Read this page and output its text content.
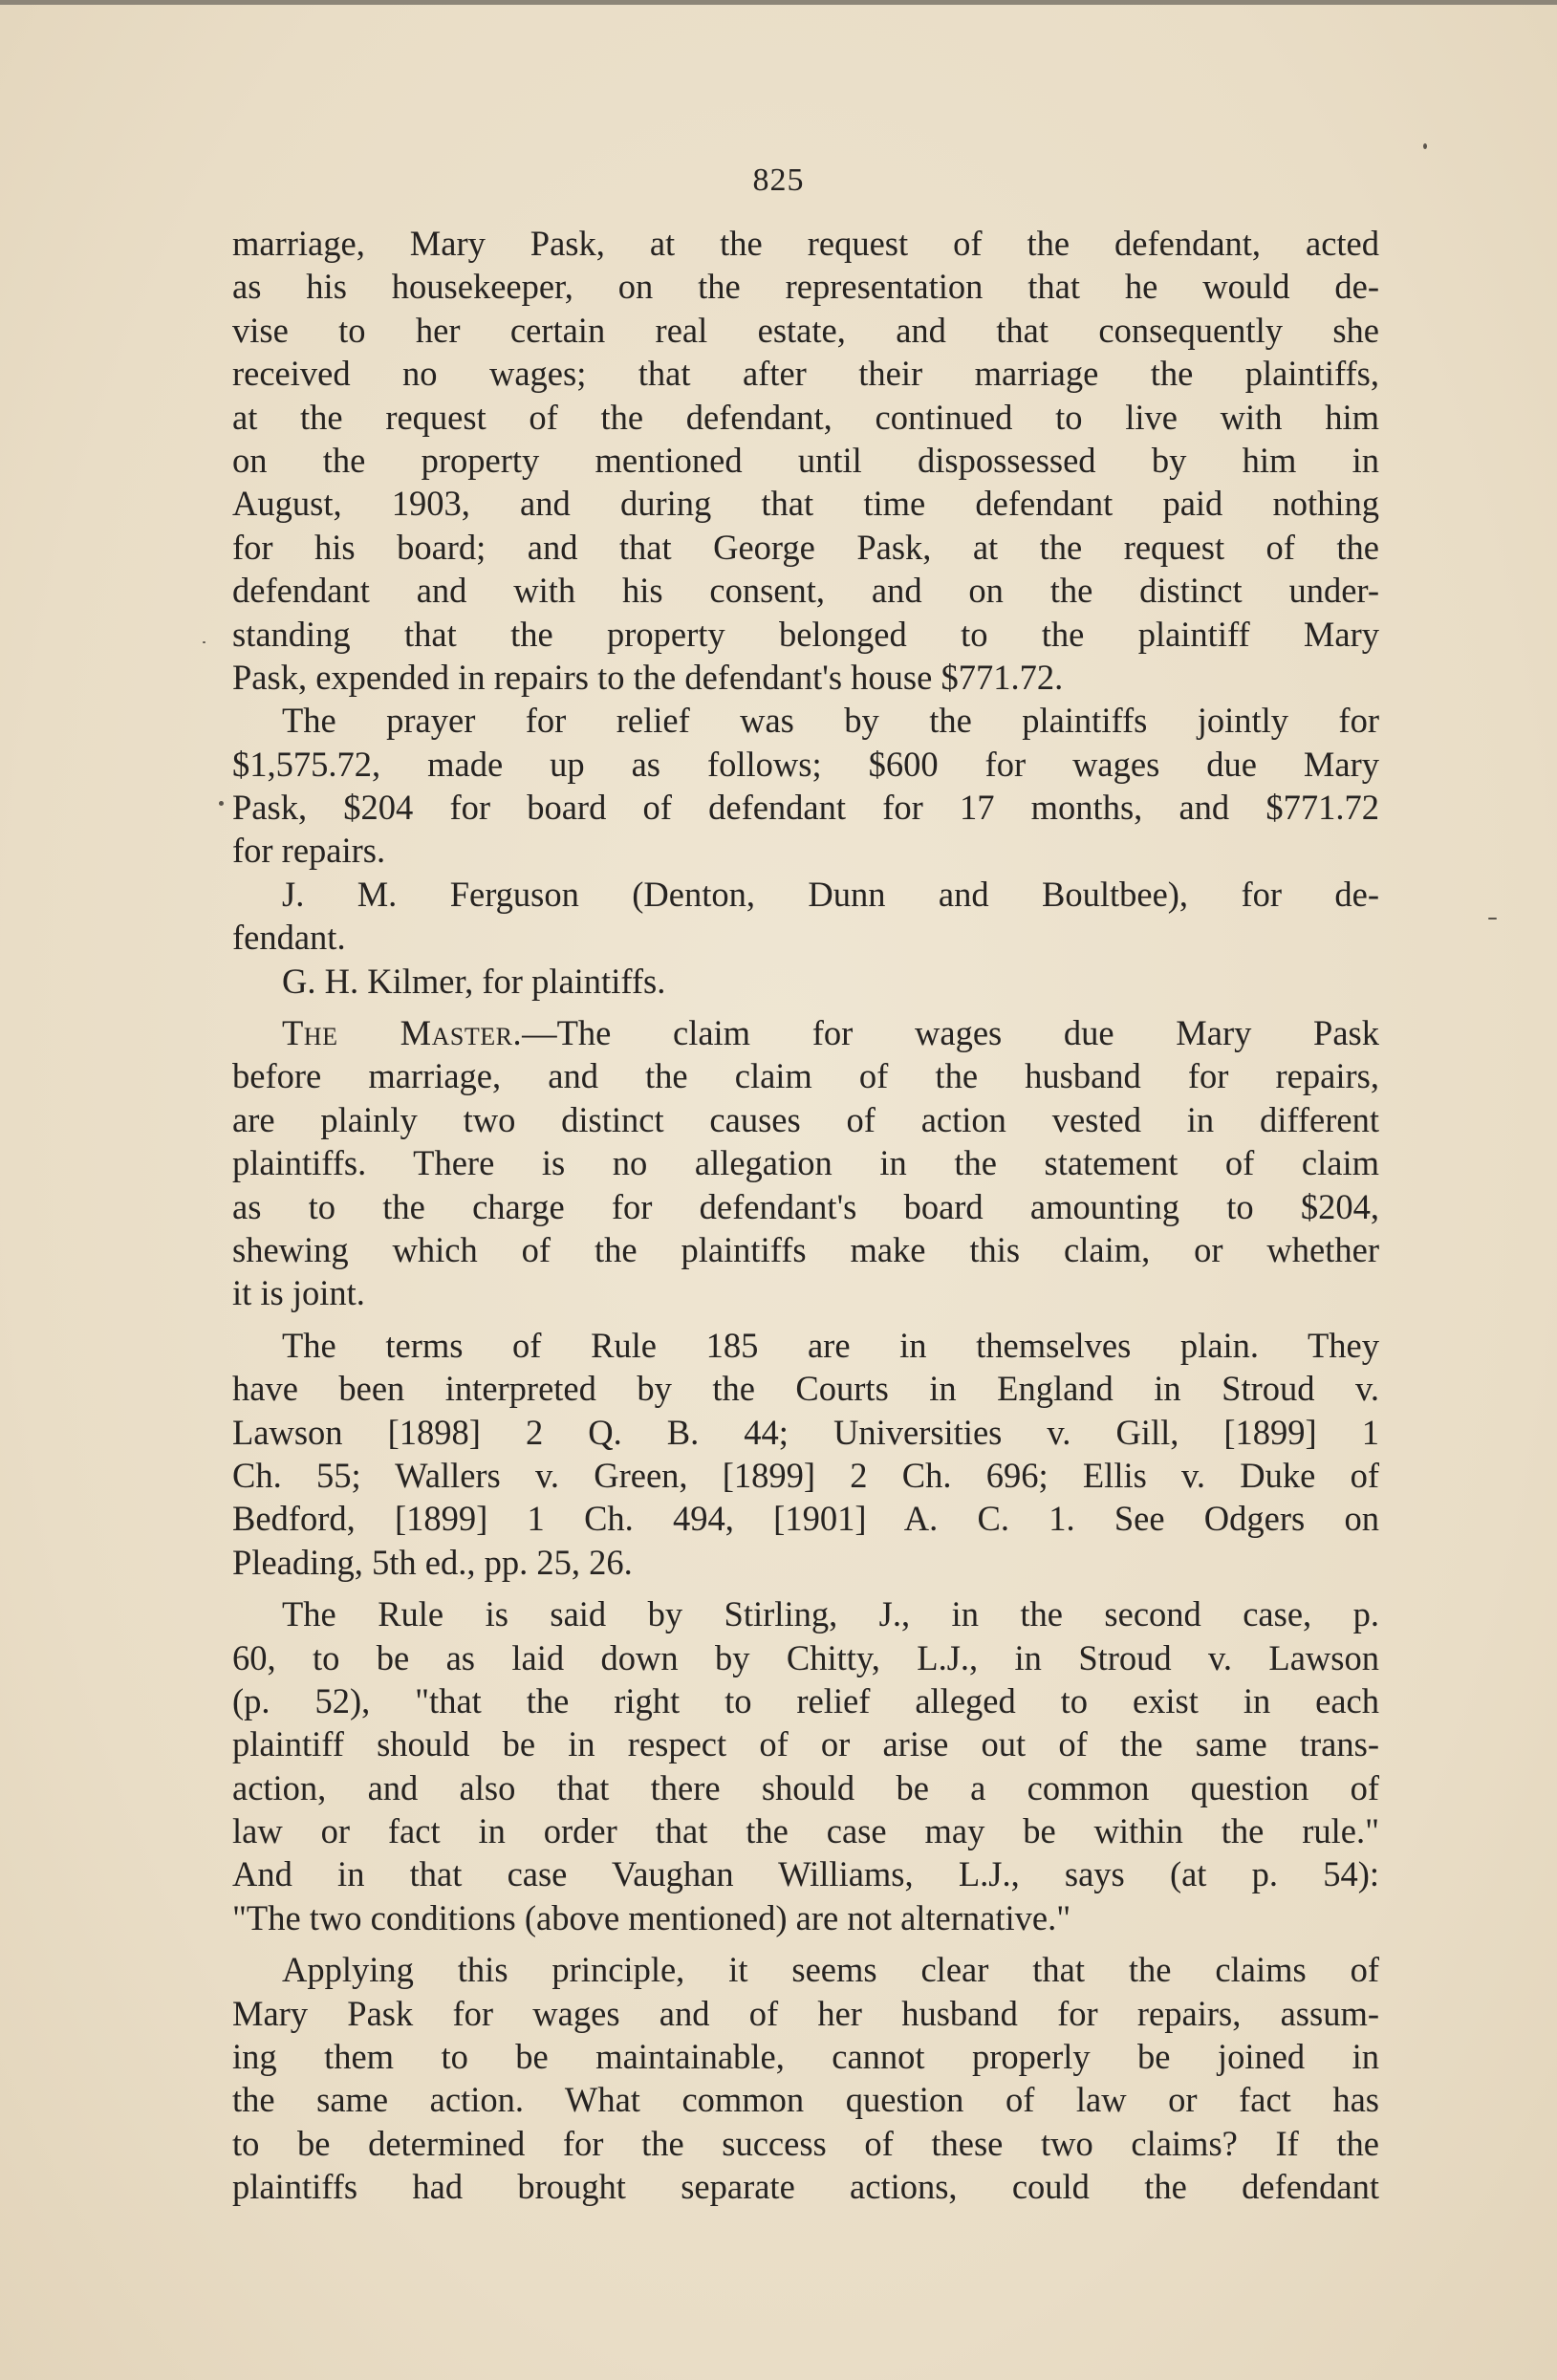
825
marriage, Mary Pask, at the request of the defendant, acted
as his housekeeper, on the representation that he would de-
vise to her certain real estate, and that consequently she
received no wages; that after their marriage the plaintiffs,
at the request of the defendant, continued to live with him
on the property mentioned until dispossessed by him in
August, 1903, and during that time defendant paid nothing
for his board; and that George Pask, at the request of the
defendant and with his consent, and on the distinct under-
standing that the property belonged to the plaintiff Mary
Pask, expended in repairs to the defendant's house $771.72.
The prayer for relief was by the plaintiffs jointly for
$1,575.72, made up as follows; $600 for wages due Mary
Pask, $204 for board of defendant for 17 months, and $771.72
for repairs.
J. M. Ferguson (Denton, Dunn and Boultbee), for de-
fendant.
G. H. Kilmer, for plaintiffs.
The Master.—The claim for wages due Mary Pask
before marriage, and the claim of the husband for repairs,
are plainly two distinct causes of action vested in different
plaintiffs. There is no allegation in the statement of claim
as to the charge for defendant's board amounting to $204,
shewing which of the plaintiffs make this claim, or whether
it is joint.
The terms of Rule 185 are in themselves plain. They
have been interpreted by the Courts in England in Stroud v.
Lawson [1898] 2 Q. B. 44; Universities v. Gill, [1899] 1
Ch. 55; Wallers v. Green, [1899] 2 Ch. 696; Ellis v. Duke of
Bedford, [1899] 1 Ch. 494, [1901] A. C. 1. See Odgers on
Pleading, 5th ed., pp. 25, 26.
The Rule is said by Stirling, J., in the second case, p.
60, to be as laid down by Chitty, L.J., in Stroud v. Lawson
(p. 52), "that the right to relief alleged to exist in each
plaintiff should be in respect of or arise out of the same trans-
action, and also that there should be a common question of
law or fact in order that the case may be within the rule."
And in that case Vaughan Williams, L.J., says (at p. 54):
"The two conditions (above mentioned) are not alternative."
Applying this principle, it seems clear that the claims of
Mary Pask for wages and of her husband for repairs, assum-
ing them to be maintainable, cannot properly be joined in
the same action. What common question of law or fact has
to be determined for the success of these two claims? If the
plaintiffs had brought separate actions, could the defendant
